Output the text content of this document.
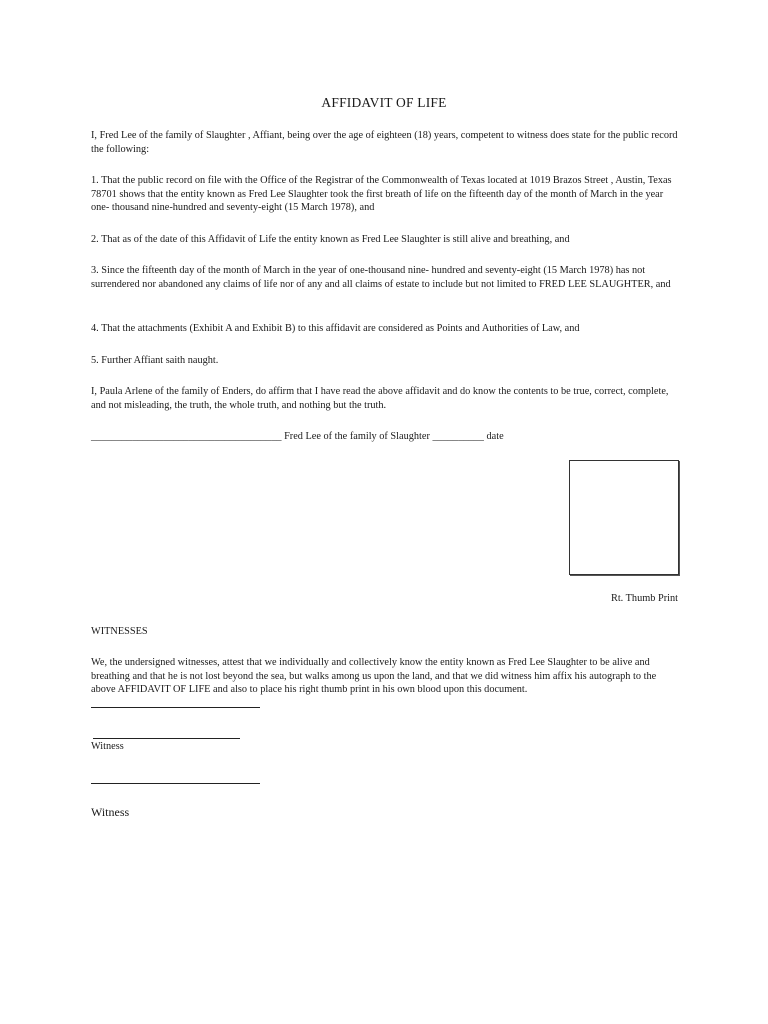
AFFIDAVIT OF LIFE

I, Fred Lee of the family of Slaughter , Affiant, being over the age of eighteen (18) years, competent to witness does state for the public record the following:

1. That the public record on file with the Office of the Registrar of the Commonwealth of Texas located at 1019 Brazos Street , Austin, Texas 78701 shows that the entity known as Fred Lee Slaughter took the first breath of life on the fifteenth day of the month of March in the year one- thousand nine-hundred and seventy-eight (15 March 1978), and

2. That as of the date of this Affidavit of Life the entity known as Fred Lee Slaughter is still alive and breathing, and

3. Since the fifteenth day of the month of March in the year of one-thousand nine- hundred and seventy-eight (15 March 1978) has not surrendered nor abandoned any claims of life nor of any and all claims of estate to include but not limited to FRED LEE SLAUGHTER, and

4. That the attachments (Exhibit A and Exhibit B) to this affidavit are considered as Points and Authorities of Law, and

5. Further Affiant saith naught.

I, Paula Arlene of the family of Enders, do affirm that I have read the above affidavit and do know the contents to be true, correct, complete, and not misleading, the truth, the whole truth, and nothing but the truth.

_____________________________________ Fred Lee of the family of Slaughter __________ date
Rt. Thumb Print
WITNESSES

We, the undersigned witnesses, attest that we individually and collectively know the entity known as Fred Lee Slaughter to be alive and breathing and that he is not lost beyond the sea, but walks among us upon the land, and that we did witness him affix his autograph to the above AFFIDAVIT OF LIFE and also to place his right thumb print in his own blood upon this document.

Witness
Witness
